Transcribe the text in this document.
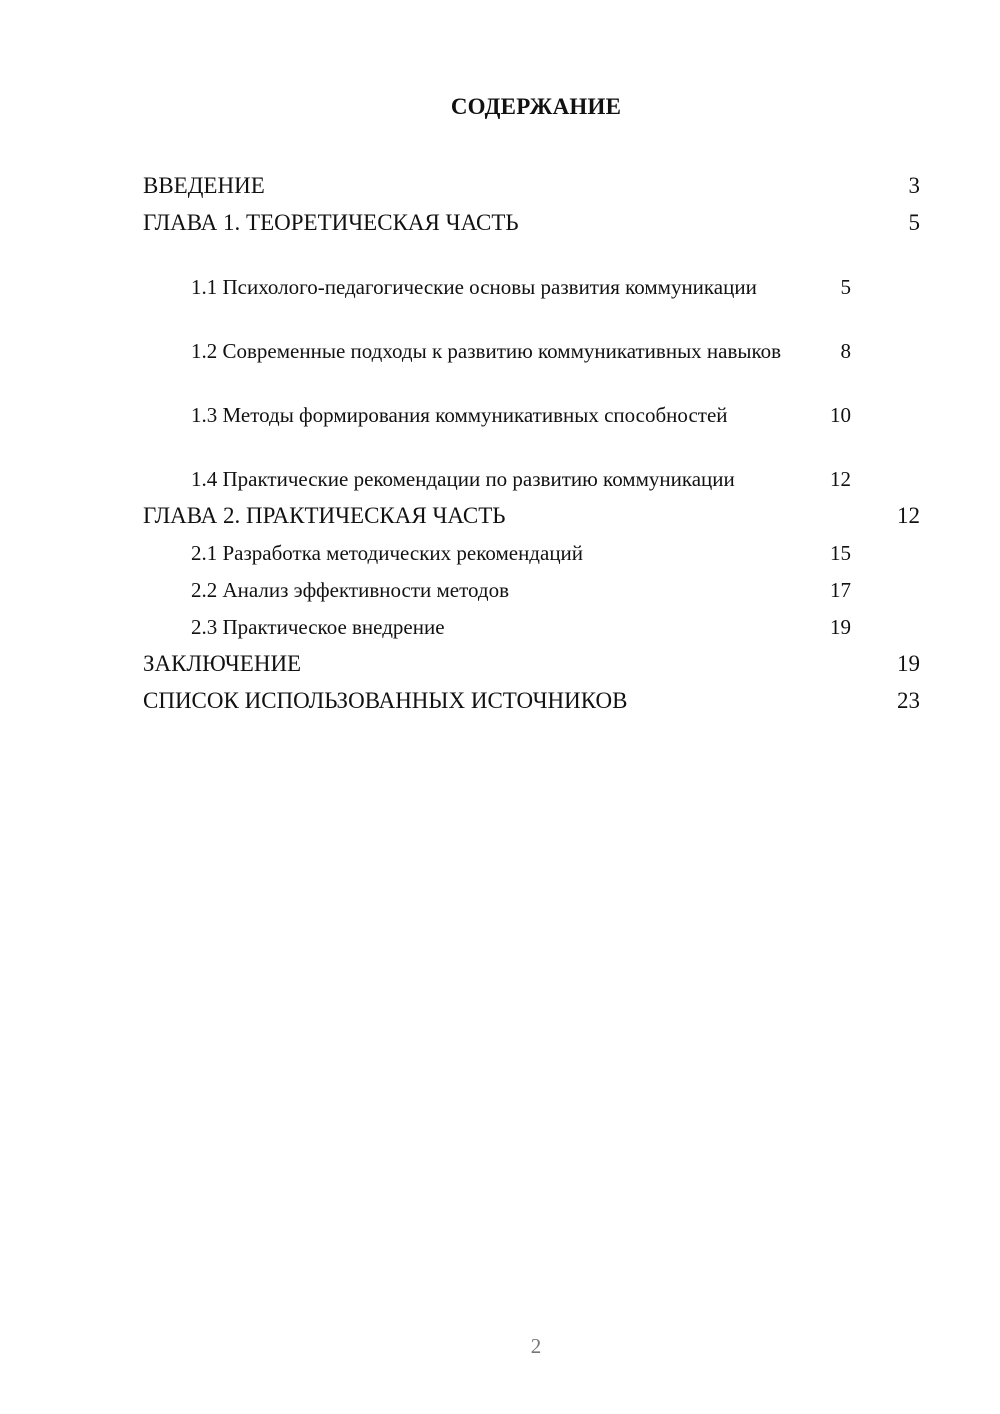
СОДЕРЖАНИЕ
ВВЕДЕНИЕ	3
ГЛАВА 1. ТЕОРЕТИЧЕСКАЯ ЧАСТЬ	5
1.1 Психолого-педагогические основы развития коммуникации	5
1.2 Современные подходы к развитию коммуникативных навыков	8
1.3 Методы формирования коммуникативных способностей	10
1.4 Практические рекомендации по развитию коммуникации	12
ГЛАВА 2. ПРАКТИЧЕСКАЯ ЧАСТЬ	12
2.1 Разработка методических рекомендаций	15
2.2 Анализ эффективности методов	17
2.3 Практическое внедрение	19
ЗАКЛЮЧЕНИЕ	19
СПИСОК ИСПОЛЬЗОВАННЫХ ИСТОЧНИКОВ	23
2
